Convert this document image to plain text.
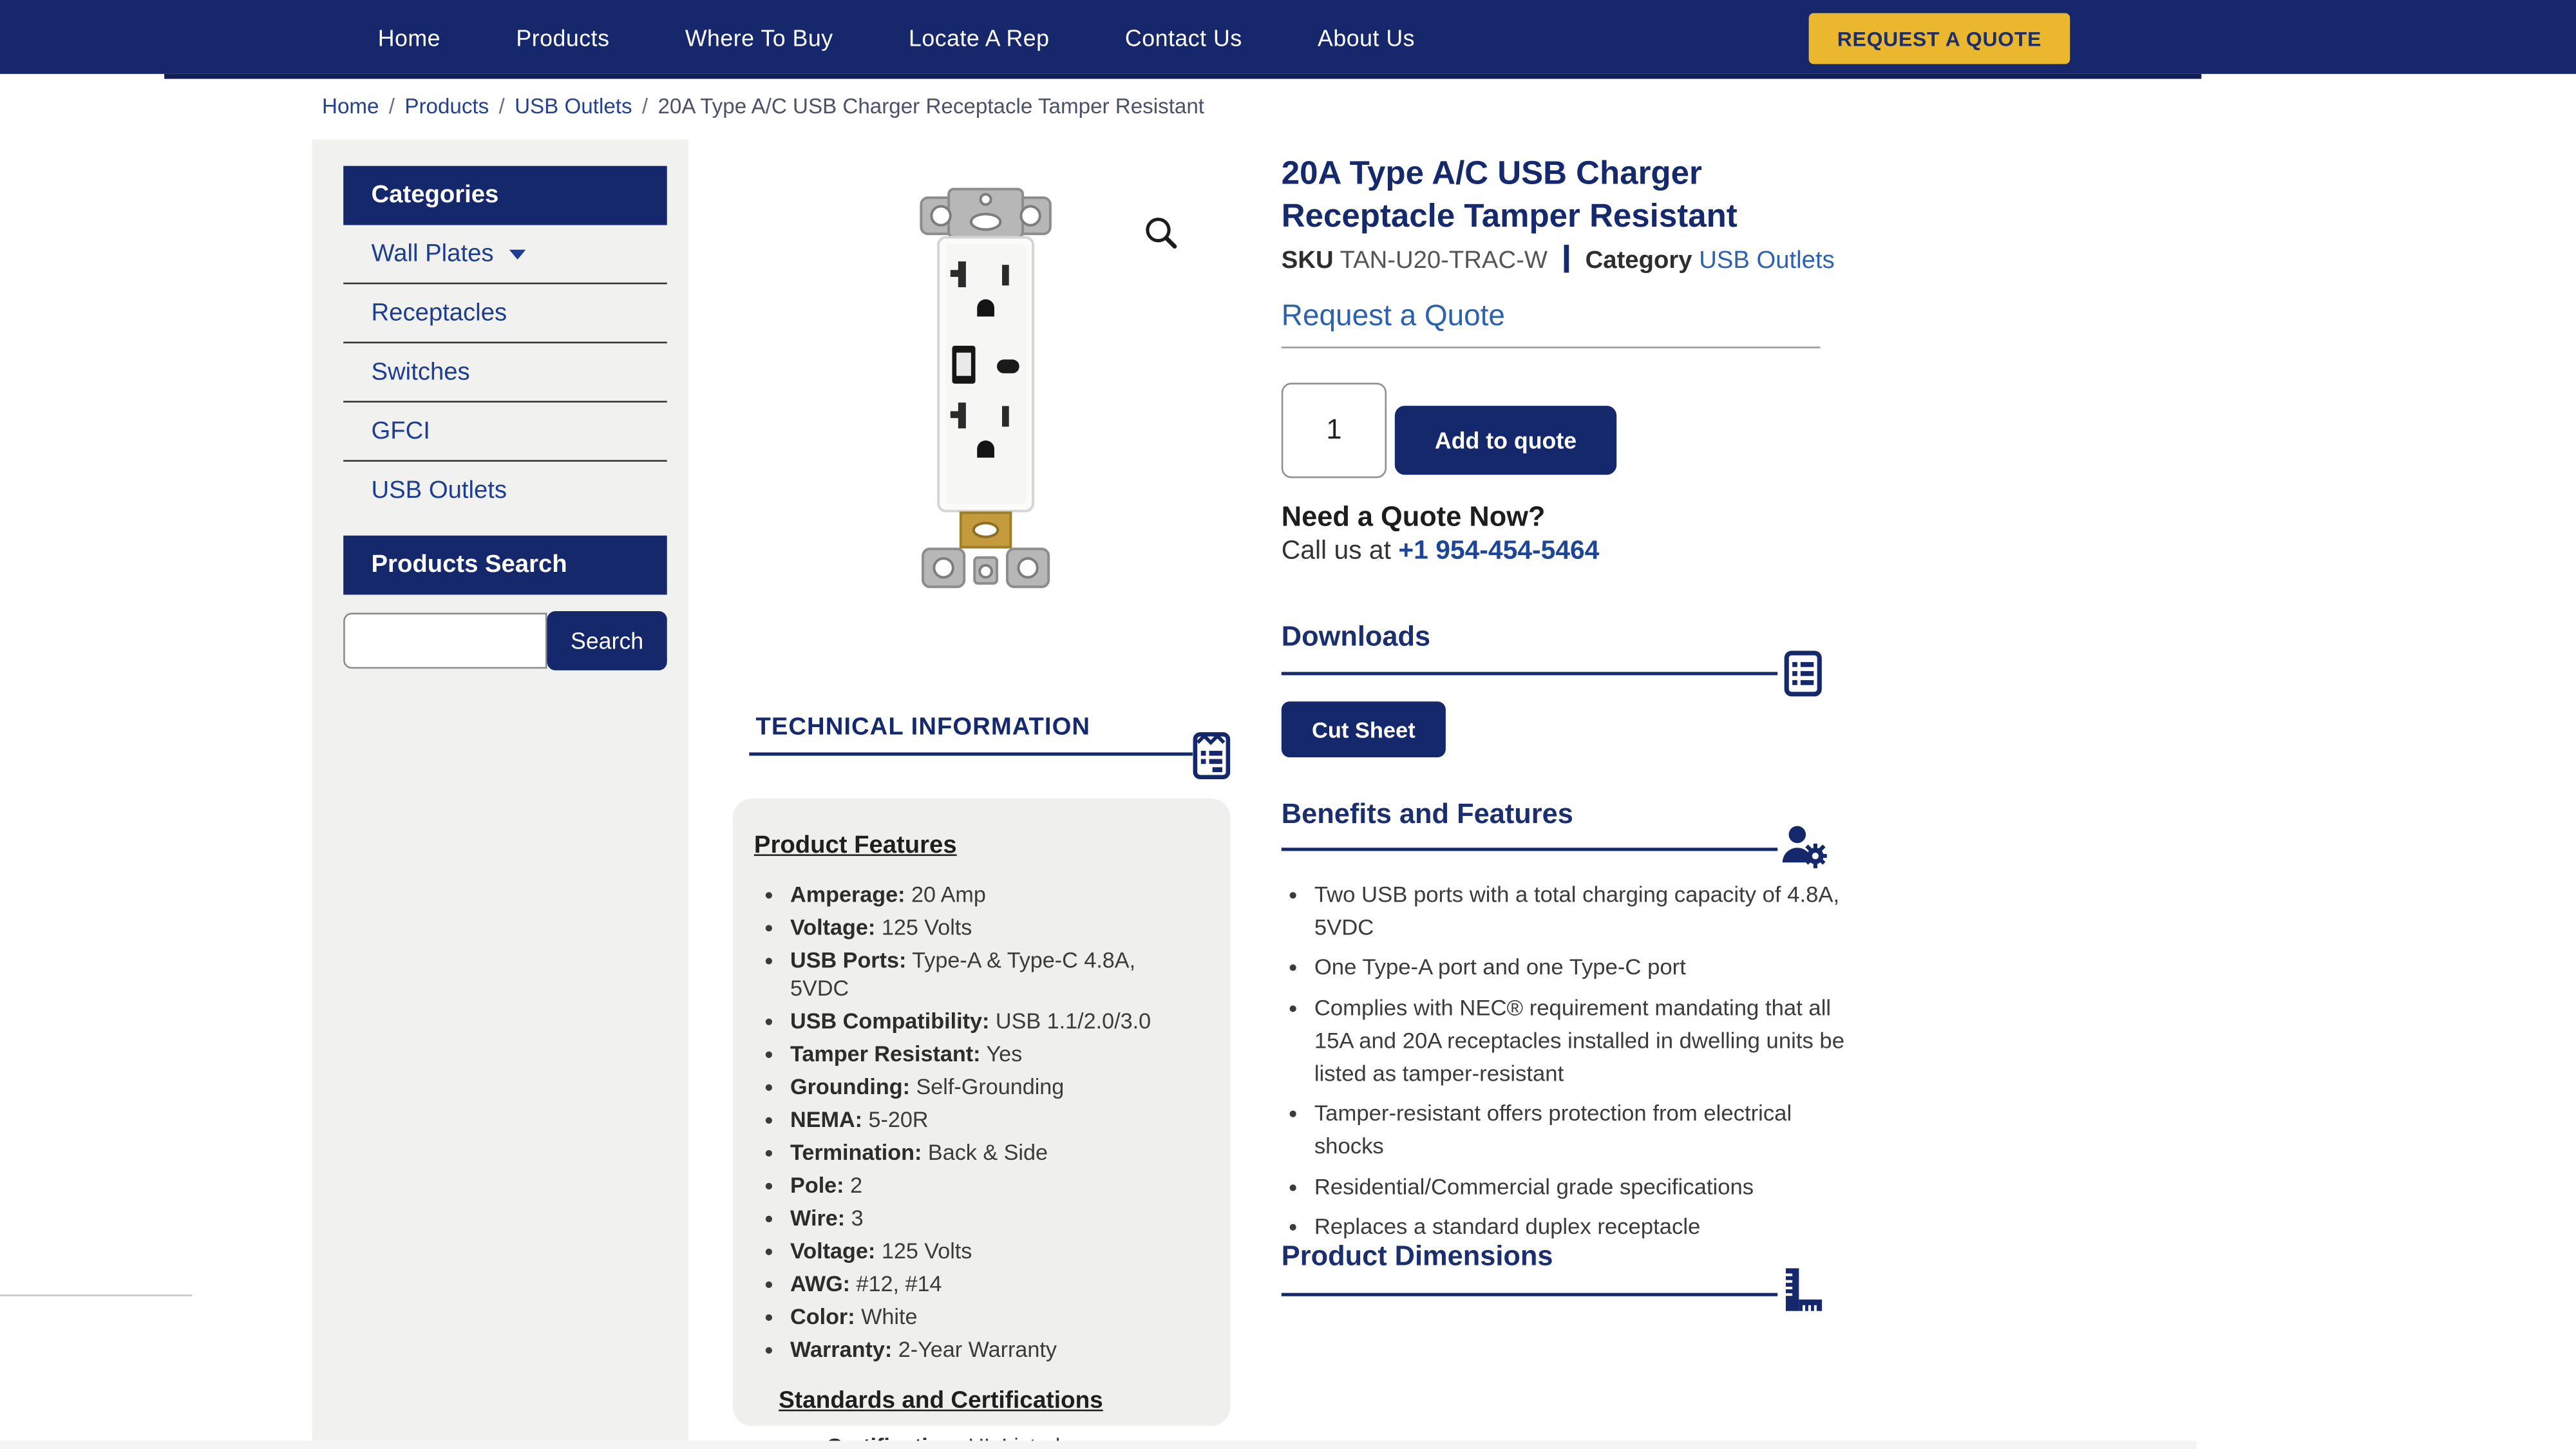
Home	Products	Where To Buy	Locate A Rep	Contact Us	About Us	REQUEST A QUOTE
Home / Products / USB Outlets / 20A Type A/C USB Charger Receptacle Tamper Resistant
Categories
Wall Plates
Receptacles
Switches
GFCI
USB Outlets
Products Search
Search
TECHNICAL INFORMATION
Product Features
• Amperage: 20 Amp
• Voltage: 125 Volts
• USB Ports: Type-A & Type-C 4.8A, 5VDC
• USB Compatibility: USB 1.1/2.0/3.0
• Tamper Resistant: Yes
• Grounding: Self-Grounding
• NEMA: 5-20R
• Termination: Back & Side
• Pole: 2
• Wire: 3
• Voltage: 125 Volts
• AWG: #12, #14
• Color: White
• Warranty: 2-Year Warranty
Standards and Certifications
•
20A Type A/C USB Charger Receptacle Tamper Resistant
SKU TAN-U20-TRAC-W	Category USB Outlets
Request a Quote
1
Add to quote
Need a Quote Now?
Call us at +1 954-454-5464
Downloads
Cut Sheet
Benefits and Features
• Two USB ports with a total charging capacity of 4.8A, 5VDC
• One Type-A port and one Type-C port
• Complies with NEC® requirement mandating that all 15A and 20A receptacles installed in dwelling units be listed as tamper-resistant
• Tamper-resistant offers protection from electrical shocks
• Residential/Commercial grade specifications
• Replaces a standard duplex receptacle
Product Dimensions
